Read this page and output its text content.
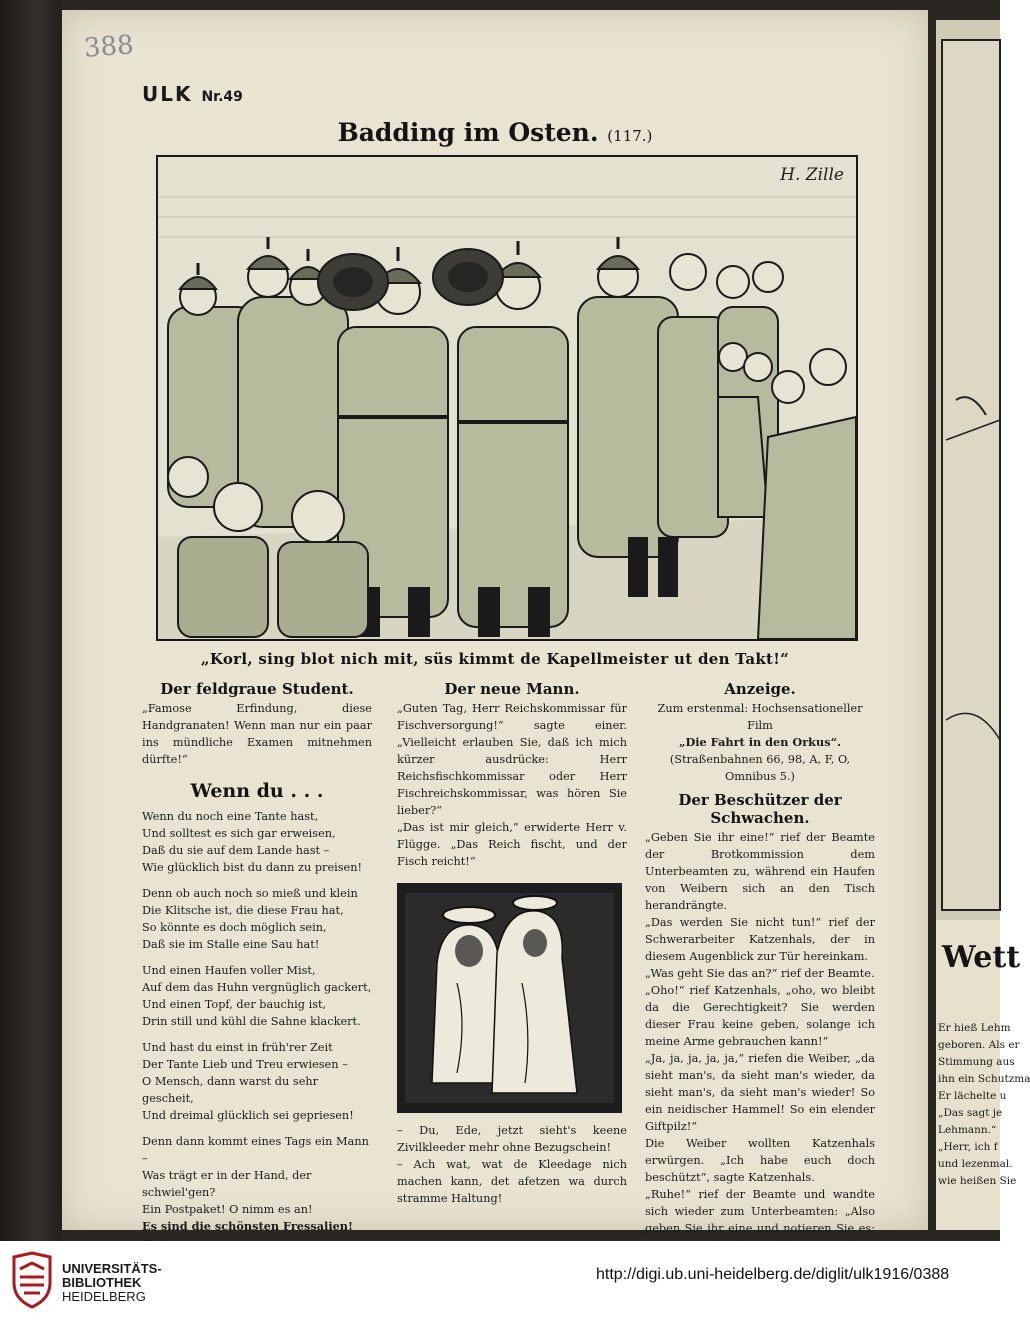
388
ULK Nr.49
Badding im Osten. (117.)
H. Zille
„Korl, sing blot nich mit, süs kimmt de Kapellmeister ut den Takt!“
Der feldgraue Student.
„Famose Erfindung, diese Handgranaten! Wenn man nur ein paar ins mündliche Examen mitnehmen dürfte!“
Wenn du . . .

Wenn du noch eine Tante hast,

Und solltest es sich gar erweisen,

Daß du sie auf dem Lande hast –

Wie glücklich bist du dann zu preisen!

Denn ob auch noch so mieß und klein

Die Klitsche ist, die diese Frau hat,

So könnte es doch möglich sein,

Daß sie im Stalle eine Sau hat!

Und einen Haufen voller Mist,

Auf dem das Huhn vergnüglich gackert,

Und einen Topf, der bauchig ist,

Drin still und kühl die Sahne klackert.

Und hast du einst in früh'rer Zeit

Der Tante Lieb und Treu erwiesen –

O Mensch, dann warst du sehr gescheit,

Und dreimal glücklich sei gepriesen!

Denn dann kommt eines Tags ein Mann –

Was trägt er in der Hand, der schwiel'gen?

Ein Postpaket! O nimm es an!

Es sind die schönsten Fressalien!

Der neue Mann.
„Guten Tag, Herr Reichskommissar für Fischversorgung!“ sagte einer. „Vielleicht erlauben Sie, daß ich mich kürzer ausdrücke: Herr Reichsfischkommissar oder Herr Fischreichskommissar, was hören Sie lieber?“
„Das ist mir gleich,“ erwiderte Herr v. Flügge. „Das Reich fischt, und der Fisch reicht!“
– Du, Ede, jetzt sieht's keene Zivilkleeder mehr ohne Bezugschein!
– Ach wat, wat de Kleedage nich machen kann, det afetzen wa durch stramme Haltung!
Anzeige.
Zum erstenmal: Hochsensationeller Film
„Die Fahrt in den Orkus“.
(Straßenbahnen 66, 98, A, F, O, Omnibus 5.)
Der Beschützer der Schwachen.
„Geben Sie ihr eine!“ rief der Beamte der Brotkommission dem Unterbeamten zu, während ein Haufen von Weibern sich an den Tisch herandrängte.
„Das werden Sie nicht tun!“ rief der Schwerarbeiter Katzenhals, der in diesem Augenblick zur Tür hereinkam.
„Was geht Sie das an?“ rief der Beamte.
„Oho!“ rief Katzenhals, „oho, wo bleibt da die Gerechtigkeit? Sie werden dieser Frau keine geben, solange ich meine Arme gebrauchen kann!“
„Ja, ja, ja, ja, ja,“ riefen die Weiber, „da sieht man's, da sieht man's wieder, da sieht man's, da sieht man's wieder! So ein neidischer Hammel! So ein elender Giftpilz!“
Die Weiber wollten Katzenhals erwürgen. „Ich habe euch doch beschützt“, sagte Katzenhals.
„Ruhe!“ rief der Beamte und wandte sich wieder zum Unterbeamten: „Also geben Sie ihr eine und notieren Sie es:
Wett
Er hieß Lehm
geboren. Als er
Stimmung aus
ihn ein Schutzma
Er lächelte u
„Das sagt je
Lehmann.“
„Herr, ich f
und lezenmal.
wie heißen Sie
UNIVERSITÄTS-
BIBLIOTHEK
HEIDELBERG
http://digi.ub.uni-heidelberg.de/diglit/ulk1916/0388
